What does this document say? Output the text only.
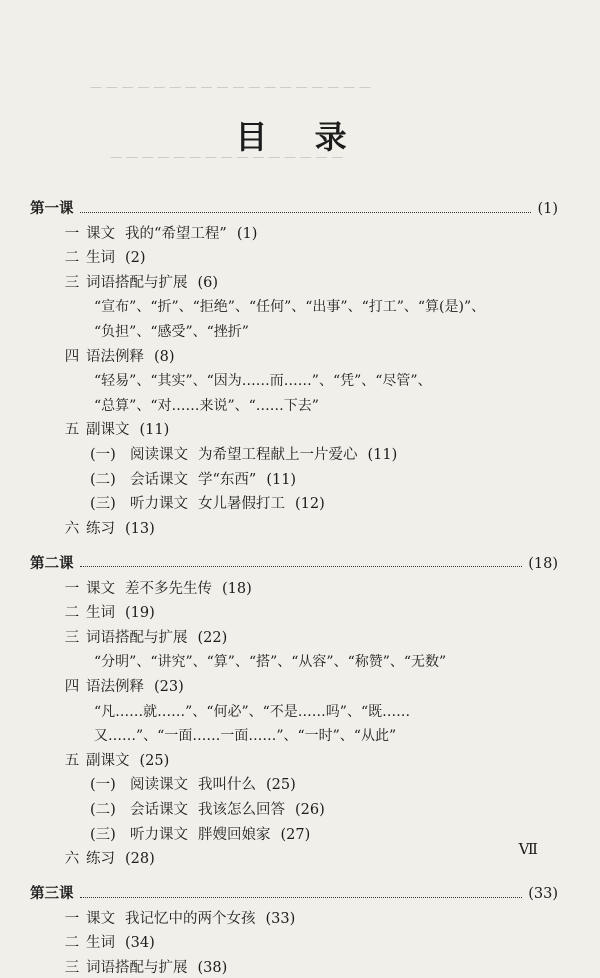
— — — — — — — — — — — — — — — — — —
— — — — — — — — — — — — — — —
目 录
第一课	(1)
一 课文 我的“希望工程” (1)
二 生词 (2)
三 词语搭配与扩展 (6)
“宣布”、“折”、“拒绝”、“任何”、“出事”、“打工”、“算(是)”、
“负担”、“感受”、“挫折”
四 语法例释 (8)
“轻易”、“其实”、“因为……而……”、“凭”、“尽管”、
“总算”、“对……来说”、“……下去”
五 副课文 (11)
(一) 阅读课文 为希望工程献上一片爱心 (11)
(二) 会话课文 学“东西” (11)
(三) 听力课文 女儿暑假打工 (12)
六 练习 (13)
第二课	(18)
一 课文 差不多先生传 (18)
二 生词 (19)
三 词语搭配与扩展 (22)
“分明”、“讲究”、“算”、“搭”、“从容”、“称赞”、“无数”
四 语法例释 (23)
“凡……就……”、“何必”、“不是……吗”、“既……
又……”、“一面……一面……”、“一时”、“从此”
五 副课文 (25)
(一) 阅读课文 我叫什么 (25)
(二) 会话课文 我该怎么回答 (26)
(三) 听力课文 胖嫂回娘家 (27)
六 练习 (28)
第三课	(33)
一 课文 我记忆中的两个女孩 (33)
二 生词 (34)
三 词语搭配与扩展 (38)
Ⅶ
